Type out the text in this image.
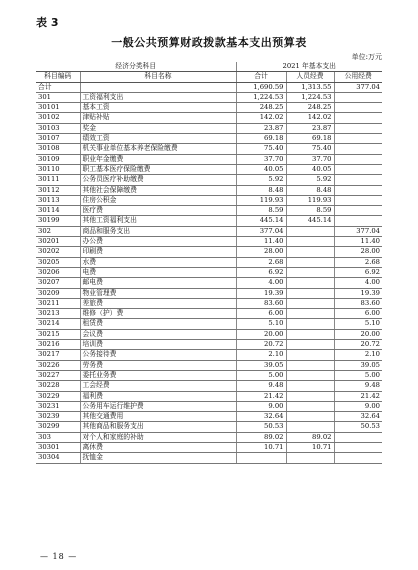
表 3
一般公共预算财政拨款基本支出预算表
单位:万元
经济分类科目		2021 年基本支出		
科目编码	科目名称	合计	人员经费	公用经费
合计		1,690.59	1,313.55	377.04
301	工资福利支出	1,224.53	1,224.53	
30101	基本工资	248.25	248.25	
30102	津贴补贴	142.02	142.02	
30103	奖金	23.87	23.87	
30107	绩效工资	69.18	69.18	
30108	机关事业单位基本养老保险缴费	75.40	75.40	
30109	职业年金缴费	37.70	37.70	
30110	职工基本医疗保险缴费	40.05	40.05	
30111	公务员医疗补助缴费	5.92	5.92	
30112	其他社会保障缴费	8.48	8.48	
30113	住房公积金	119.93	119.93	
30114	医疗费	8.59	8.59	
30199	其他工资福利支出	445.14	445.14	
302	商品和服务支出	377.04		377.04
30201	办公费	11.40		11.40
30202	印刷费	28.00		28.00
30205	水费	2.68		2.68
30206	电费	6.92		6.92
30207	邮电费	4.00		4.00
30209	物业管理费	19.39		19.39
30211	差旅费	83.60		83.60
30213	维修（护）费	6.00		6.00
30214	租赁费	5.10		5.10
30215	会议费	20.00		20.00
30216	培训费	20.72		20.72
30217	公务接待费	2.10		2.10
30226	劳务费	39.05		39.05
30227	委托业务费	5.00		5.00
30228	工会经费	9.48		9.48
30229	福利费	21.42		21.42
30231	公务用车运行维护费	9.00		9.00
30239	其他交通费用	32.64		32.64
30299	其他商品和服务支出	50.53		50.53
303	对个人和家庭的补助	89.02	89.02	
30301	离休费	10.71	10.71	
30304	抚恤金			
— 18 —
